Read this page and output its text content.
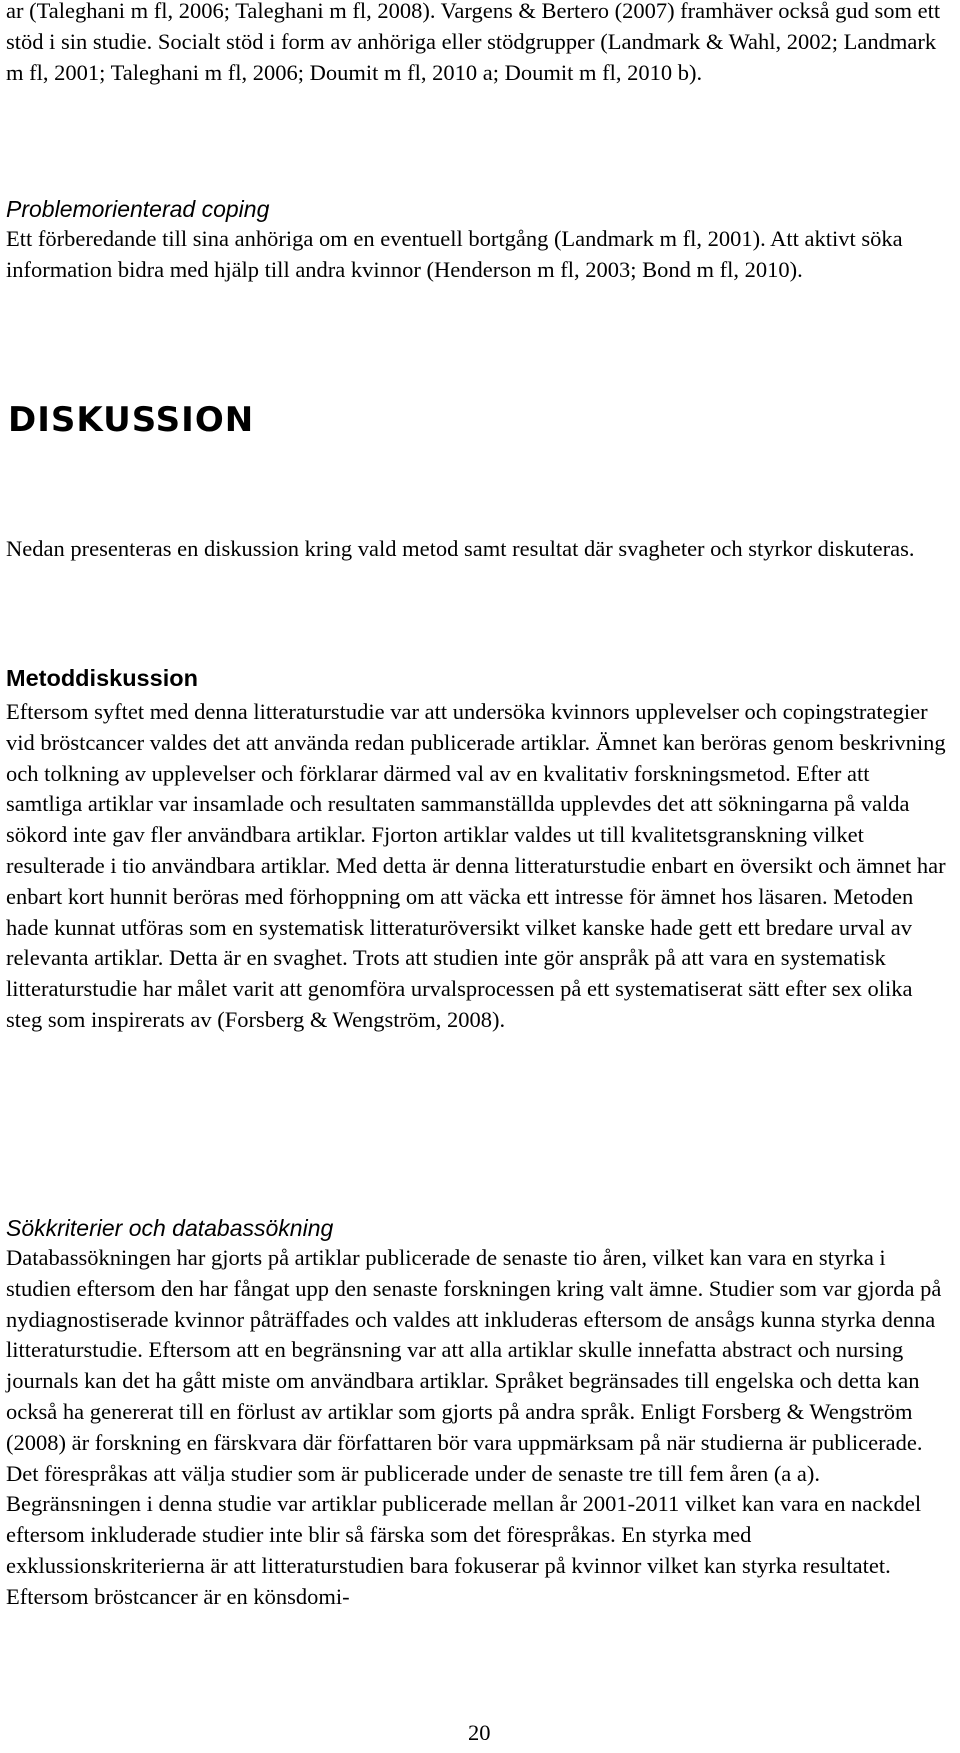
ar (Taleghani m fl, 2006; Taleghani m fl, 2008). Vargens & Bertero (2007) framhäver också gud som ett stöd i sin studie. Socialt stöd i form av anhöriga eller stödgrupper (Landmark & Wahl, 2002; Landmark m fl, 2001; Taleghani m fl, 2006; Doumit m fl, 2010 a; Doumit m fl, 2010 b).

Problemorienterad coping

Ett förberedande till sina anhöriga om en eventuell bortgång (Landmark m fl, 2001). Att aktivt söka information bidra med hjälp till andra kvinnor (Henderson m fl, 2003; Bond m fl, 2010).

DISKUSSION

Nedan presenteras en diskussion kring vald metod samt resultat där svagheter och styrkor diskuteras.

Metoddiskussion

Eftersom syftet med denna litteraturstudie var att undersöka kvinnors upplevelser och copingstrategier vid bröstcancer valdes det att använda redan publicerade artiklar. Ämnet kan beröras genom beskrivning och tolkning av upplevelser och förklarar därmed val av en kvalitativ forskningsmetod. Efter att samtliga artiklar var insamlade och resultaten sammanställda upplevdes det att sökningarna på valda sökord inte gav fler användbara artiklar. Fjorton artiklar valdes ut till kvalitetsgranskning vilket resulterade i tio användbara artiklar. Med detta är denna litteraturstudie enbart en översikt och ämnet har enbart kort hunnit beröras med förhoppning om att väcka ett intresse för ämnet hos läsaren. Metoden hade kunnat utföras som en systematisk litteraturöversikt vilket kanske hade gett ett bredare urval av relevanta artiklar. Detta är en svaghet. Trots att studien inte gör anspråk på att vara en systematisk litteraturstudie har målet varit att genomföra urvalsprocessen på ett systematiserat sätt efter sex olika steg som inspirerats av (Forsberg & Wengström, 2008).

Sökkriterier och databassökning

Databassökningen har gjorts på artiklar publicerade de senaste tio åren, vilket kan vara en styrka i studien eftersom den har fångat upp den senaste forskningen kring valt ämne. Studier som var gjorda på nydiagnostiserade kvinnor påträffades och valdes att inkluderas eftersom de ansågs kunna styrka denna litteraturstudie. Eftersom att en begränsning var att alla artiklar skulle innefatta abstract och nursing journals kan det ha gått miste om användbara artiklar. Språket begränsades till engelska och detta kan också ha genererat till en förlust av artiklar som gjorts på andra språk. Enligt Forsberg & Wengström (2008) är forskning en färskvara där författaren bör vara uppmärksam på när studierna är publicerade. Det förespråkas att välja studier som är publicerade under de senaste tre till fem åren (a a). Begränsningen i denna studie var artiklar publicerade mellan år 2001-2011 vilket kan vara en nackdel eftersom inkluderade studier inte blir så färska som det förespråkas. En styrka med exklussionskriterierna är att litteraturstudien bara fokuserar på kvinnor vilket kan styrka resultatet. Eftersom bröstcancer är en könsdomi-

20
